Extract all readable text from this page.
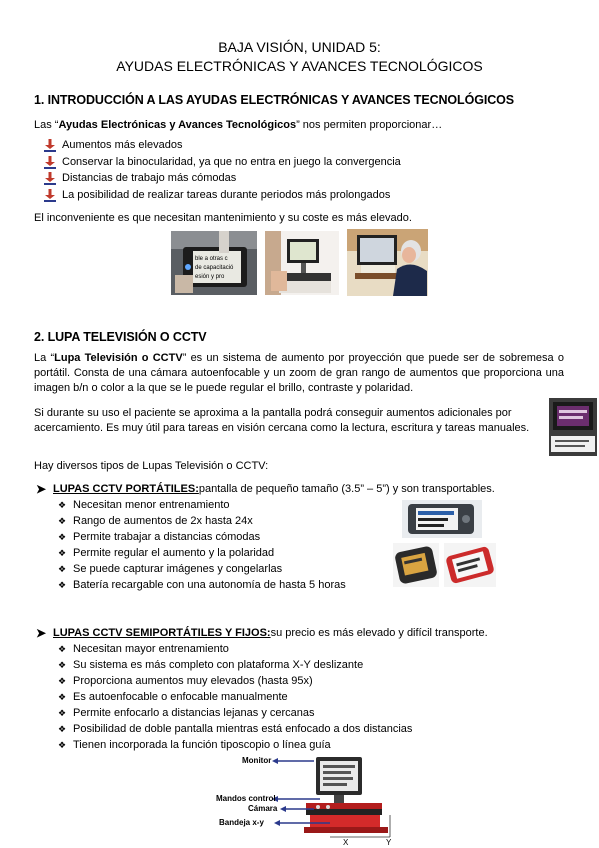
BAJA VISIÓN, UNIDAD 5:
AYUDAS ELECTRÓNICAS Y AVANCES TECNOLÓGICOS
1. INTRODUCCIÓN A LAS AYUDAS ELECTRÓNICAS Y AVANCES TECNOLÓGICOS
Las “Ayudas Electrónicas y Avances Tecnológicos” nos permiten proporcionar…
Aumentos más elevados
Conservar la binocularidad, ya que no entra en juego la convergencia
Distancias de trabajo más cómodas
La posibilidad de realizar tareas durante periodos más prolongados
El inconveniente es que necesitan mantenimiento y su coste es más elevado.
ble a otras c
de capacitació
esión y pro
2. LUPA TELEVISIÓN O CCTV
La “Lupa Televisión o CCTV” es un sistema de aumento por proyección que puede ser de sobremesa o portátil. Consta de una cámara autoenfocable y un zoom de gran rango de aumentos que proporciona una imagen b/n o color a la que se le puede regular el brillo, contraste y polaridad.
Si durante su uso el paciente se aproxima a la pantalla podrá conseguir aumentos adicionales por acercamiento. Es muy útil para tareas en visión cercana como la lectura, escritura y tareas manuales.
Hay diversos tipos de Lupas Televisión o CCTV:
➤ LUPAS CCTV PORTÁTILES: pantalla de pequeño tamaño (3.5” – 5”) y son transportables.
❖ Necesitan menor entrenamiento
❖ Rango de aumentos de 2x hasta 24x
❖ Permite trabajar a distancias cómodas
❖ Permite regular el aumento y la polaridad
❖ Se puede capturar imágenes y congelarlas
❖ Batería recargable con una autonomía de hasta 5 horas
➤ LUPAS CCTV SEMIPORTÁTILES Y FIJOS: su precio es más elevado y difícil transporte.
❖ Necesitan mayor entrenamiento
❖ Su sistema es más completo con plataforma X-Y deslizante
❖ Proporciona aumentos muy elevados (hasta 95x)
❖ Es autoenfocable o enfocable manualmente
❖ Permite enfocarlo a distancias lejanas y cercanas
❖ Posibilidad de doble pantalla mientras está enfocado a dos distancias
❖ Tienen incorporada la función tiposcopio o línea guía
Monitor
Mandos control
Cámara
Bandeja x-y
X	Y
